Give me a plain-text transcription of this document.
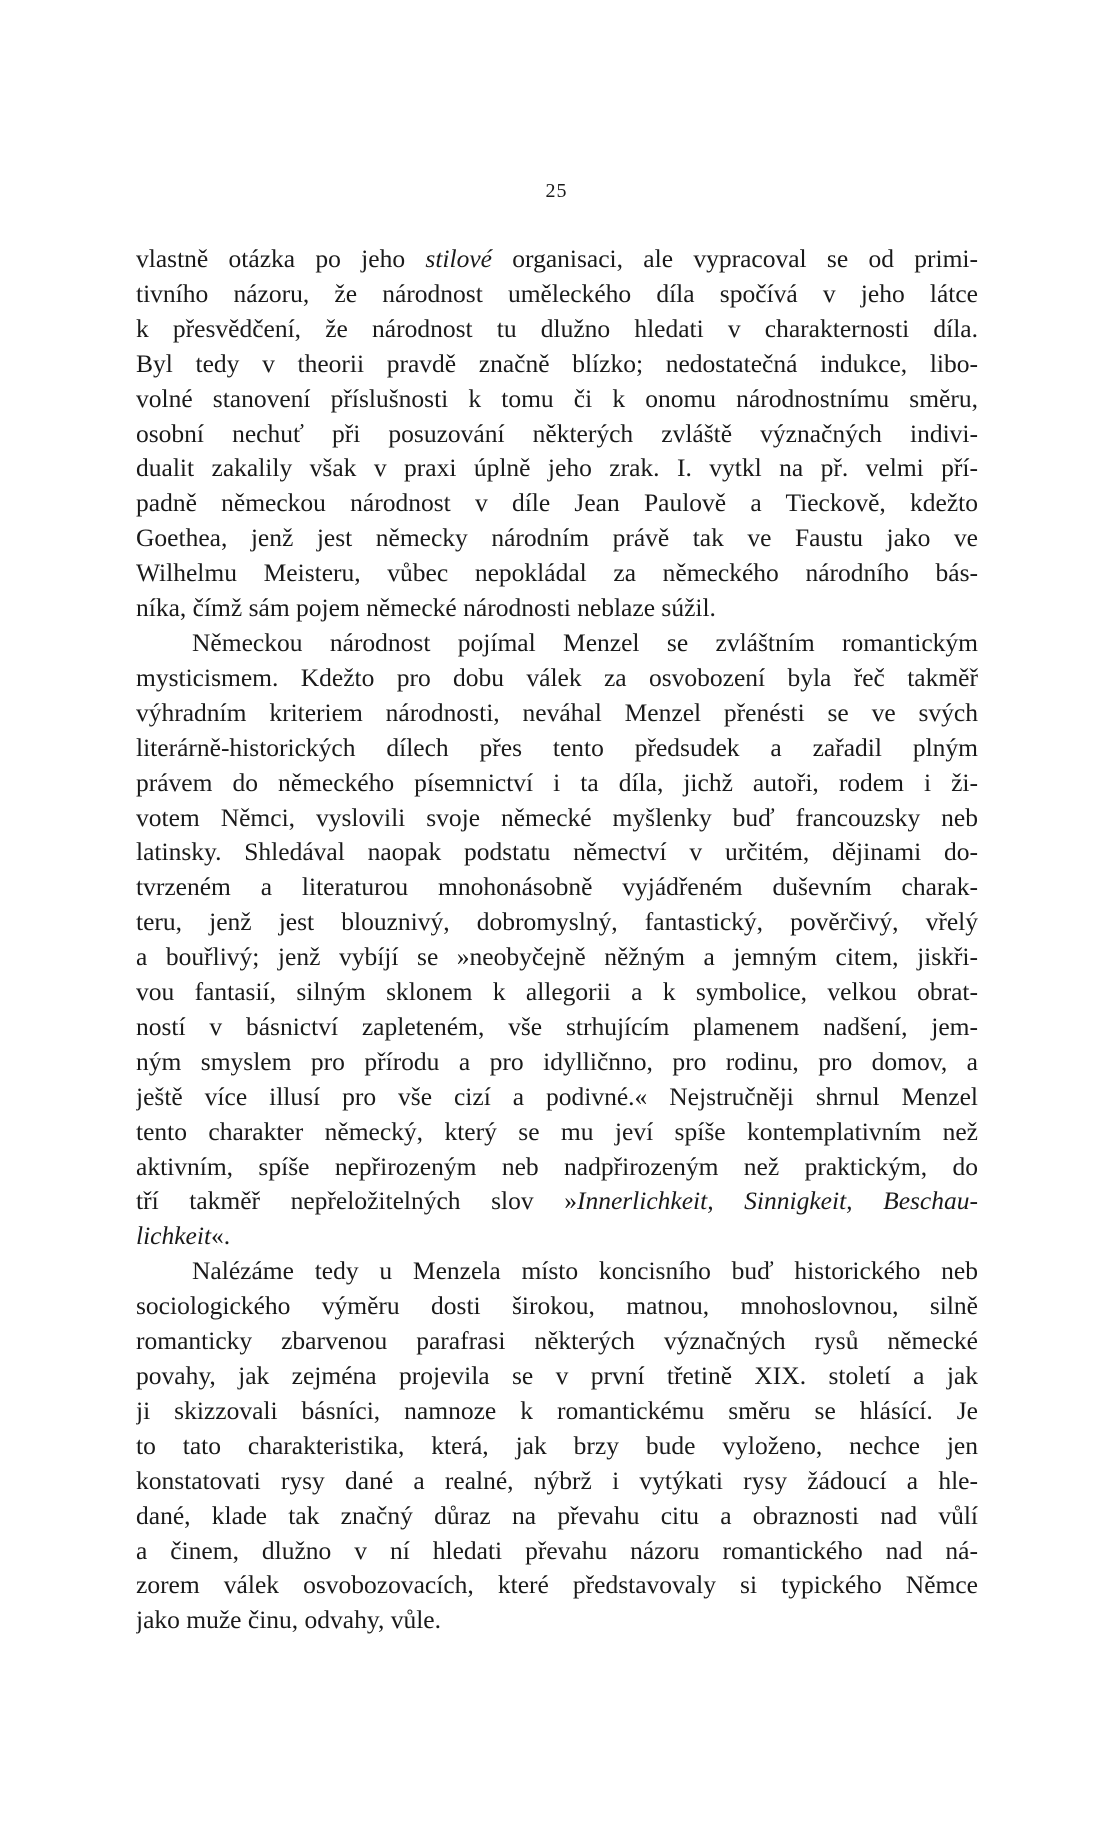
25
vlastně otázka po jeho stilové organisaci, ale vypracoval se od primi-
tivního názoru, že národnost uměleckého díla spočívá v jeho látce
k přesvědčení, že národnost tu dlužno hledati v charakternosti díla.
Byl tedy v theorii pravdě značně blízko; nedostatečná indukce, libo-
volné stanovení příslušnosti k tomu či k onomu národnostnímu směru,
osobní nechuť při posuzování některých zvláště význačných indivi-
dualit zakalily však v praxi úplně jeho zrak. I. vytkl na př. velmi pří-
padně německou národnost v díle Jean Paulově a Tieckově, kdežto
Goethea, jenž jest německy národním právě tak ve Faustu jako ve
Wilhelmu Meisteru, vůbec nepokládal za německého národního bás-
níka, čímž sám pojem německé národnosti neblaze súžil.
Německou národnost pojímal Menzel se zvláštním romantickým
mysticismem. Kdežto pro dobu válek za osvobození byla řeč takměř
výhradním kriteriem národnosti, neváhal Menzel přenésti se ve svých
literárně-historických dílech přes tento předsudek a zařadil plným
právem do německého písemnictví i ta díla, jichž autoři, rodem i ži-
votem Němci, vyslovili svoje německé myšlenky buď francouzsky neb
latinsky. Shledával naopak podstatu němectví v určitém, dějinami do-
tvrzeném a literaturou mnohonásobně vyjádřeném duševním charak-
teru, jenž jest blouznivý, dobromyslný, fantastický, pověrčivý, vřelý
a bouřlivý; jenž vybíjí se »neobyčejně něžným a jemným citem, jiskři-
vou fantasií, silným sklonem k allegorii a k symbolice, velkou obrat-
ností v básnictví zapleteném, vše strhujícím plamenem nadšení, jem-
ným smyslem pro přírodu a pro idylličnno, pro rodinu, pro domov, a
ještě více illusí pro vše cizí a podivné.« Nejstručněji shrnul Menzel
tento charakter německý, který se mu jeví spíše kontemplativním než
aktivním, spíše nepřirozeným neb nadpřirozeným než praktickým, do
tří takměř nepřeložitelných slov »Innerlichkeit, Sinnigkeit, Beschau-
lichkeit«.
Nalézáme tedy u Menzela místo koncisního buď historického neb
sociologického výměru dosti širokou, matnou, mnohoslovnou, silně
romanticky zbarvenou parafrasi některých význačných rysů německé
povahy, jak zejména projevila se v první třetině XIX. století a jak
ji skizzovali básníci, namnoze k romantickému směru se hlásící. Je
to tato charakteristika, která, jak brzy bude vyloženo, nechce jen
konstatovati rysy dané a realné, nýbrž i vytýkati rysy žádoucí a hle-
dané, klade tak značný důraz na převahu citu a obraznosti nad vůlí
a činem, dlužno v ní hledati převahu názoru romantického nad ná-
zorem válek osvobozovacích, které představovaly si typického Němce
jako muže činu, odvahy, vůle.
